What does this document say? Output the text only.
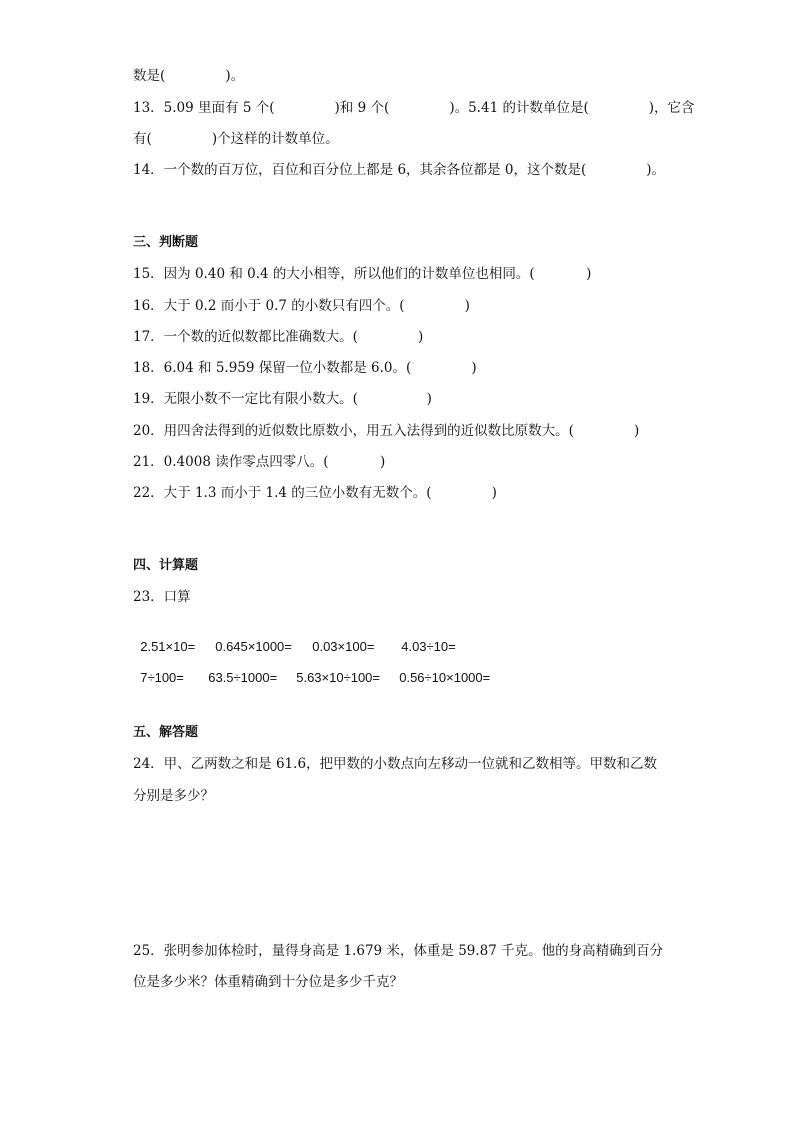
数是(              )。
13．5.09 里面有 5 个(              )和 9 个(              )。5.41 的计数单位是(              )，它含
有(              )个这样的计数单位。
14．一个数的百万位，百位和百分位上都是 6，其余各位都是 0，这个数是(              )。
三、判断题
15．因为 0.40 和 0.4 的大小相等，所以他们的计数单位也相同。(            )
16．大于 0.2 而小于 0.7 的小数只有四个。(              )
17．一个数的近似数都比准确数大。(              )
18．6.04 和 5.959 保留一位小数都是 6.0。(              )
19．无限小数不一定比有限小数大。(                )
20．用四舍法得到的近似数比原数小，用五入法得到的近似数比原数大。(              )
21．0.4008 读作零点四零八。(            )
22．大于 1.3 而小于 1.4 的三位小数有无数个。(              )
四、计算题
23．口算

2.51×10= 0.645×1000= 0.03×100= 4.03÷10=

7÷100= 63.5÷1000= 5.63×10÷100= 0.56÷10×1000=

五、解答题
24．甲、乙两数之和是 61.6，把甲数的小数点向左移动一位就和乙数相等。甲数和乙数
分别是多少？
25．张明参加体检时，量得身高是 1.679 米，体重是 59.87 千克。他的身高精确到百分
位是多少米？体重精确到十分位是多少千克？
